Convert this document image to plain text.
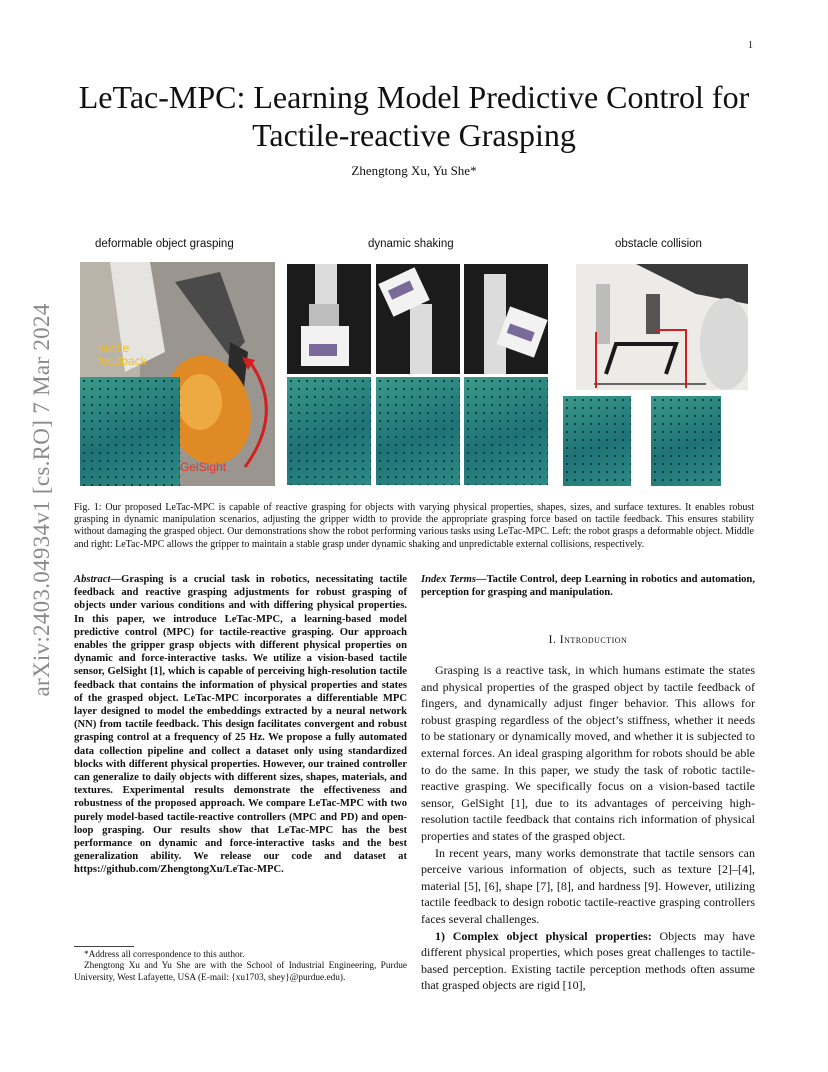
1
arXiv:2403.04934v1 [cs.RO] 7 Mar 2024
LeTac-MPC: Learning Model Predictive Control for Tactile-reactive Grasping
Zhengtong Xu, Yu She*
deformable object grasping	dynamic shaking	obstacle collision
tactile feedback
GelSight
Fig. 1: Our proposed LeTac-MPC is capable of reactive grasping for objects with varying physical properties, shapes, sizes, and surface textures. It enables robust grasping in dynamic manipulation scenarios, adjusting the gripper width to provide the appropriate grasping force based on tactile feedback. This ensures stability without damaging the grasped object. Our demonstrations show the robot performing various tasks using LeTac-MPC. Left: the robot grasps a deformable object. Middle and right: LeTac-MPC allows the gripper to maintain a stable grasp under dynamic shaking and unpredictable external collisions, respectively.
Abstract—Grasping is a crucial task in robotics, necessitating tactile feedback and reactive grasping adjustments for robust grasping of objects under various conditions and with differing physical properties. In this paper, we introduce LeTac-MPC, a learning-based model predictive control (MPC) for tactile-reactive grasping. Our approach enables the gripper grasp objects with different physical properties on dynamic and force-interactive tasks. We utilize a vision-based tactile sensor, GelSight [1], which is capable of perceiving high-resolution tactile feedback that contains the information of physical properties and states of the grasped object. LeTac-MPC incorporates a differentiable MPC layer designed to model the embeddings extracted by a neural network (NN) from tactile feedback. This design facilitates convergent and robust grasping control at a frequency of 25 Hz. We propose a fully automated data collection pipeline and collect a dataset only using standardized blocks with different physical properties. However, our trained controller can generalize to daily objects with different sizes, shapes, materials, and textures. Experimental results demonstrate the effectiveness and robustness of the proposed approach. We compare LeTac-MPC with two purely model-based tactile-reactive controllers (MPC and PD) and open-loop grasping. Our results show that LeTac-MPC has the best performance on dynamic and force-interactive tasks and the best generalization ability. We release our code and dataset at https://github.com/ZhengtongXu/LeTac-MPC.
Index Terms—Tactile Control, deep Learning in robotics and automation, perception for grasping and manipulation.
I. Introduction

Grasping is a reactive task, in which humans estimate the states and physical properties of the grasped object by tactile feedback of fingers, and dynamically adjust finger behavior. This allows for robust grasping regardless of the object’s stiffness, whether it needs to be stationary or dynamically moved, and whether it is subjected to external forces. An ideal grasping algorithm for robots should be able to do the same. In this paper, we study the task of robotic tactile-reactive grasping. We specifically focus on a vision-based tactile sensor, GelSight [1], due to its advantages of perceiving high-resolution tactile feedback that contains rich information of physical properties and states of the grasped object.

In recent years, many works demonstrate that tactile sensors can perceive various information of objects, such as texture [2]–[4], material [5], [6], shape [7], [8], and hardness [9]. However, utilizing tactile feedback to design robotic tactile-reactive grasping controllers faces several challenges.

1) Complex object physical properties: Objects may have different physical properties, which poses great challenges to tactile-based perception. Existing tactile perception methods often assume that grasped objects are rigid [10],

*Address all correspondence to this author.

Zhengtong Xu and Yu She are with the School of Industrial Engineering, Purdue University, West Lafayette, USA (E-mail: {xu1703, shey}@purdue.edu).
